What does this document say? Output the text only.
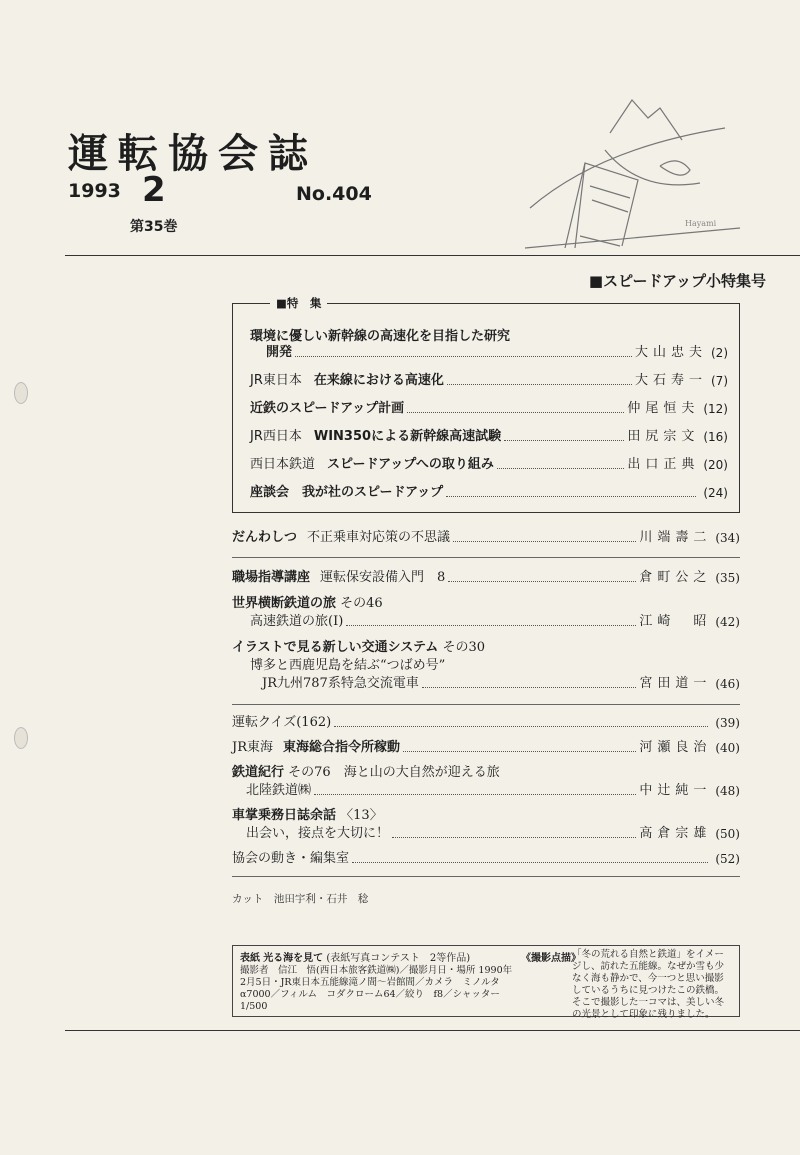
運転協会誌
1993 2	No.404
第35巻	Hayami
■スピードアップ小特集号
■特　集
環境に優しい新幹線の高速化を目指した研究
開発	大山忠夫 (2)
JR東日本 在来線における高速化	大石寿一 (7)
近鉄のスピードアップ計画	仲尾恒夫 (12)
JR西日本 WIN350による新幹線高速試験	田尻宗文 (16)
西日本鉄道 スピードアップへの取り組み	出口正典 (20)
座談会　我が社のスピードアップ	(24)
だんわしつ 不正乗車対応策の不思議	川端壽二 (34)
職場指導講座 運転保安設備入門　8	倉町公之 (35)
世界横断鉄道の旅 その46
高速鉄道の旅(Ⅰ)	江崎　昭 (42)
イラストで見る新しい交通システム その30
博多と西鹿児島を結ぶ“つばめ号”
JR九州787系特急交流電車	宮田道一 (46)
運転クイズ(162)	(39)
JR東海 東海総合指令所稼動	河瀬良治 (40)
鉄道紀行 その76　海と山の大自然が迎える旅
北陸鉄道㈱	中辻純一 (48)
車掌乗務日誌余話 〈13〉
出会い，接点を大切に！	高倉宗雄 (50)
協会の動き・編集室	(52)
カット　池田宇利・石井　稔
表紙 光る海を見て (表紙写真コンテスト　2等作品)
撮影者　信江　悟(西日本旅客鉄道㈱)／撮影月日・場所 1990年2月5日・JR東日本五能線滝ノ間～岩館間／カメラ　ミノルタα7000／フィルム　コダクローム64／絞り　f8／シャッター　1/500
《撮影点描》
「冬の荒れる自然と鉄道」をイメージし、訪れた五能線。なぜか雪も少なく海も静かで、今一つと思い撮影しているうちに見つけたこの鉄橋。そこで撮影した一コマは、美しい冬の光景として印象に残りました。
